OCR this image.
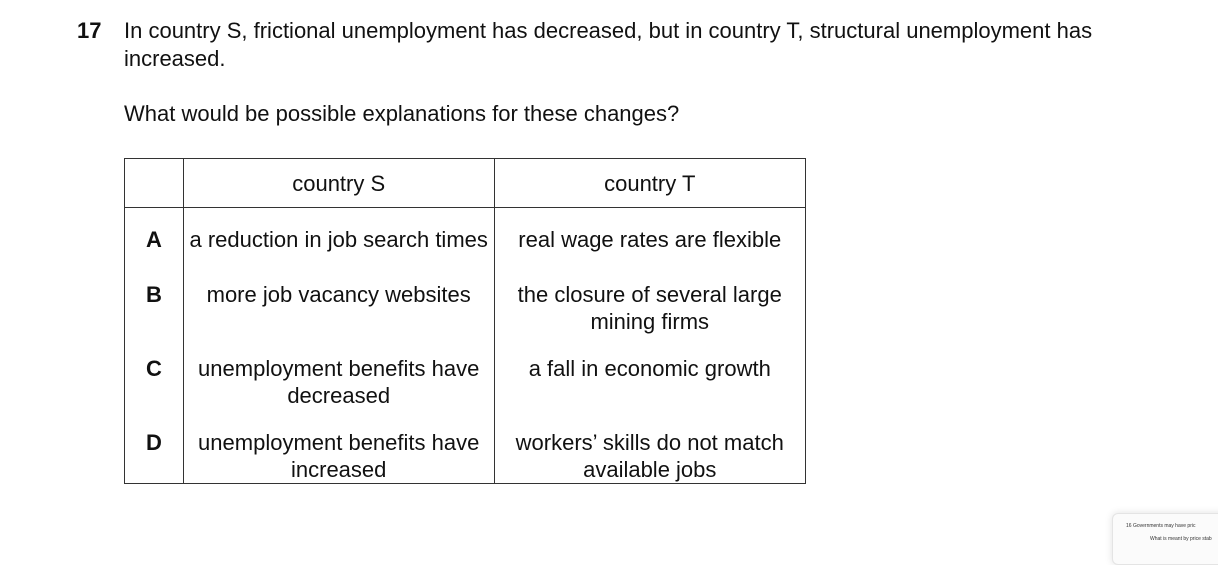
17 In country S, frictional unemployment has decreased, but in country T, structural unemployment has increased.
What would be possible explanations for these changes?
	country S	country T
A	a reduction in job search times	real wage rates are flexible
B	more job vacancy websites	the closure of several large mining firms
C	unemployment benefits have decreased	a fall in economic growth
D	unemployment benefits have increased	workers’ skills do not match available jobs
16 Governments may have pric
What is meant by price stab
